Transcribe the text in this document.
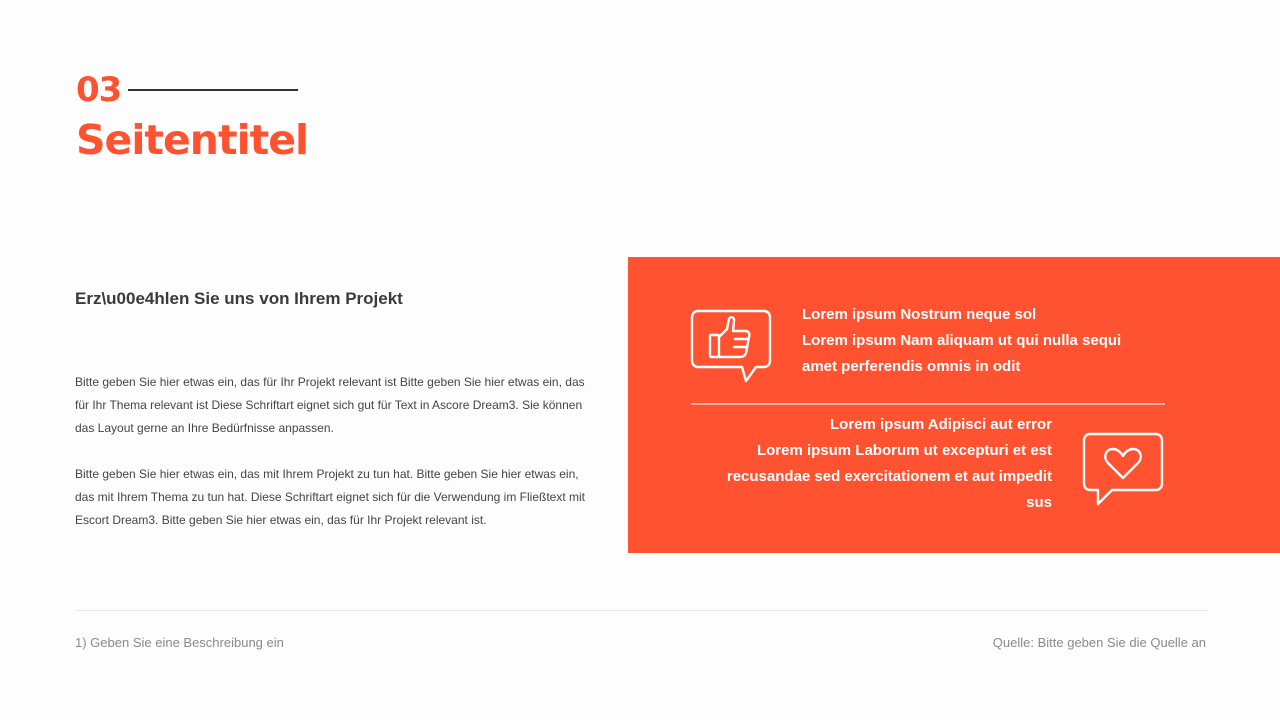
03
Seitentitel
Erz\u00e4hlen Sie uns von Ihrem Projekt

Bitte geben Sie hier etwas ein, das für Ihr Projekt relevant ist Bitte geben Sie hier etwas ein, das für Ihr Thema relevant ist Diese Schriftart eignet sich gut für Text in Ascore Dream3. Sie können das Layout gerne an Ihre Bedürfnisse anpassen.

Bitte geben Sie hier etwas ein, das mit Ihrem Projekt zu tun hat. Bitte geben Sie hier etwas ein, das mit Ihrem Thema zu tun hat. Diese Schriftart eignet sich für die Verwendung im Fließtext mit Escort Dream3. Bitte geben Sie hier etwas ein, das für Ihr Projekt relevant ist.

Lorem ipsum Nostrum neque sol
Lorem ipsum Nam aliquam ut qui nulla sequi
amet perferendis omnis in odit
Lorem ipsum Adipisci aut error
Lorem ipsum Laborum ut excepturi et est
recusandae sed exercitationem et aut impedit
sus
1) Geben Sie eine Beschreibung ein	Quelle: Bitte geben Sie die Quelle an
